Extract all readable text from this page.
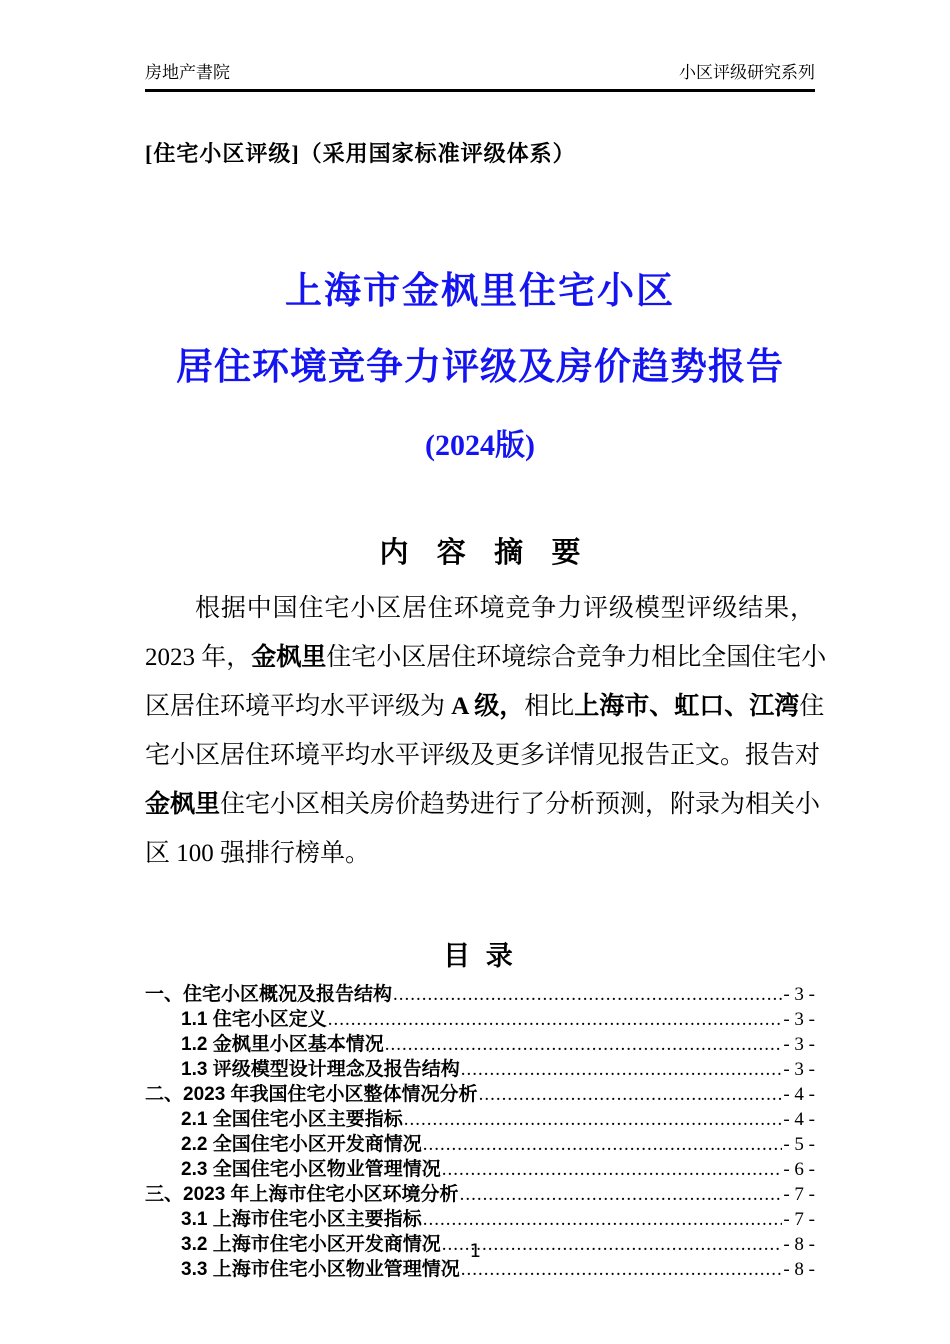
房地产書院	小区评级研究系列
[住宅小区评级]（采用国家标准评级体系）
上海市金枫里住宅小区
居住环境竞争力评级及房价趋势报告
(2024版)
内 容 摘 要
根据中国住宅小区居住环境竞争力评级模型评级结果，
2023 年，金枫里住宅小区居住环境综合竞争力相比全国住宅小
区居住环境平均水平评级为 A 级，相比上海市、虹口、江湾住
宅小区居住环境平均水平评级及更多详情见报告正文。报告对
金枫里住宅小区相关房价趋势进行了分析预测，附录为相关小
区 100 强排行榜单。
目 录
一、住宅小区概况及报告结构 .....	- 3 -
1.1 住宅小区定义 .....	- 3 -
1.2 金枫里小区基本情况 .....	- 3 -
1.3 评级模型设计理念及报告结构 .....	- 3 -
二、2023 年我国住宅小区整体情况分析 .....	- 4 -
2.1 全国住宅小区主要指标 .....	- 4 -
2.2 全国住宅小区开发商情况 .....	- 5 -
2.3 全国住宅小区物业管理情况 .....	- 6 -
三、2023 年上海市住宅小区环境分析 .....	- 7 -
3.1 上海市住宅小区主要指标 .....	- 7 -
3.2 上海市住宅小区开发商情况 .....	- 8 -
3.3 上海市住宅小区物业管理情况 .....	- 8 -
1
